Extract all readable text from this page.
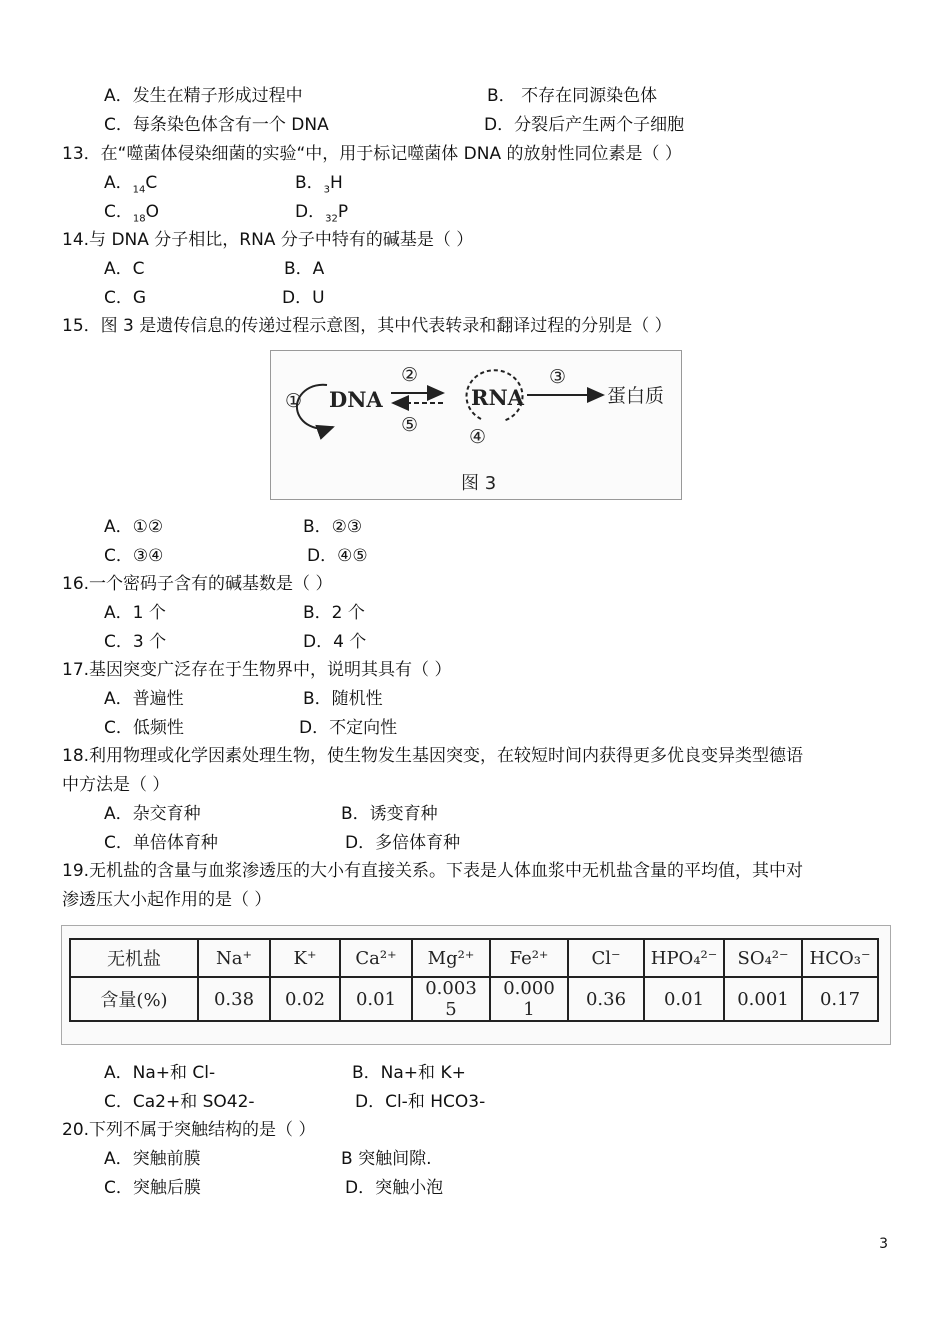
A．发生在精子形成过程中	B． 不存在同源染色体
C．每条染色体含有一个 DNA	D．分裂后产生两个子细胞
13．在“噬菌体侵染细菌的实验“中，用于标记噬菌体 DNA 的放射性同位素是（ ）
A．$_{14}$C	B．$_3$H
C．$_{18}$O	D．$_{32}$P
14.与 DNA 分子相比，RNA 分子中特有的碱基是（ ）
A．C	B．A
C．G	D．U
15．图 3 是遗传信息的传递过程示意图，其中代表转录和翻译过程的分别是（ ）
① DNA
②
⑤
RNA
④
③
蛋白质
图 3
A．①②	B．②③
C．③④	D．④⑤
16.一个密码子含有的碱基数是（ ）
A．1 个	B．2 个
C．3 个	D．4 个
17.基因突变广泛存在于生物界中，说明其具有（ ）
A．普遍性	B．随机性
C．低频性	D．不定向性
18.利用物理或化学因素处理生物，使生物发生基因突变，在较短时间内获得更多优良变异类型德语
中方法是（ ）
A．杂交育种	B．诱变育种
C．单倍体育种	D．多倍体育种
19.无机盐的含量与血浆渗透压的大小有直接关系。下表是人体血浆中无机盐含量的平均值，其中对
渗透压大小起作用的是（ ）
无机盐	Na⁺	K⁺	Ca²⁺	Mg²⁺	Fe²⁺	Cl⁻	HPO₄²⁻	SO₄²⁻	HCO₃⁻
含量(%)	0.38	0.02	0.01	0.003 5	0.000 1	0.36	0.01	0.001	0.17
A．Na+和 Cl-	B．Na+和 K+
C．Ca2+和 SO42-	D．Cl-和 HCO3-
20.下列不属于突触结构的是（ ）
A．突触前膜	B 突触间隙.
C．突触后膜	D．突触小泡
3
